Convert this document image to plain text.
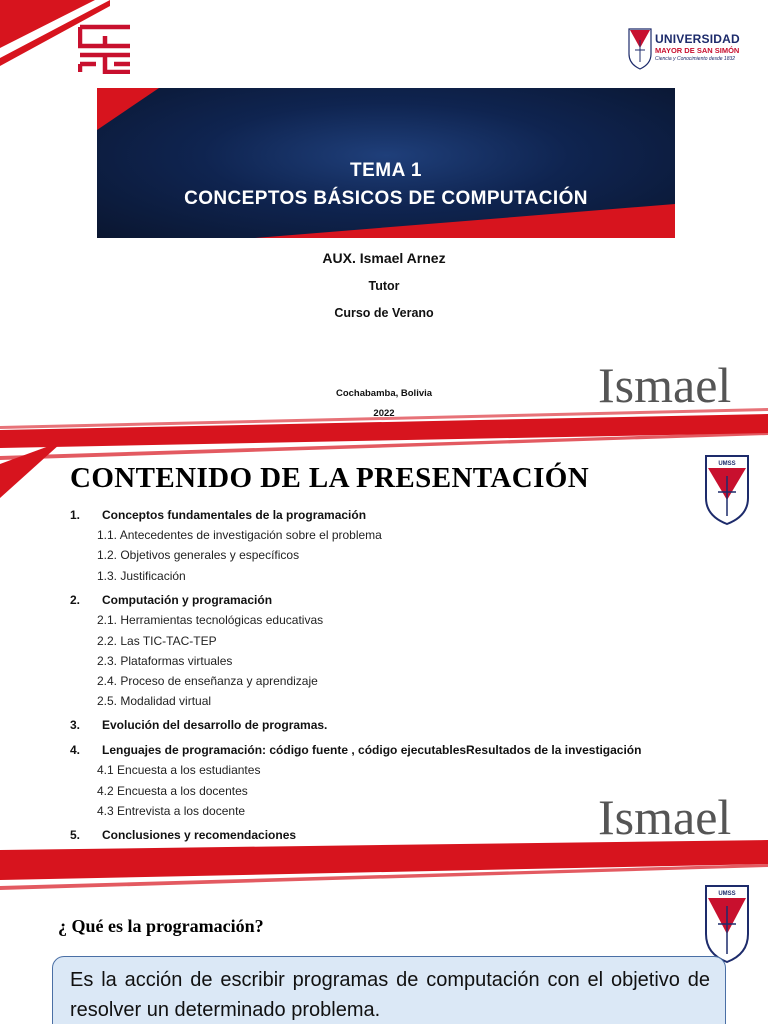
UNIVERSIDAD
MAYOR DE SAN SIMÓN
Ciencia y Conocimiento desde 1832
TEMA 1
CONCEPTOS BÁSICOS DE COMPUTACIÓN
AUX. Ismael Arnez
Tutor
Curso de Verano
Cochabamba, Bolivia
2022
Ismael
CONTENIDO DE LA PRESENTACIÓN	UMSS
1. Conceptos fundamentales de la programación
1.1. Antecedentes de investigación sobre el problema
1.2. Objetivos generales y específicos
1.3. Justificación
2. Computación y programación
2.1. Herramientas tecnológicas educativas
2.2. Las TIC-TAC-TEP
2.3. Plataformas virtuales
2.4. Proceso de enseñanza y aprendizaje
2.5. Modalidad virtual
3. Evolución del desarrollo de programas.
4. Lenguajes de programación: código fuente , código ejecutablesResultados de la investigación
4.1 Encuesta a los estudiantes
4.2 Encuesta a los docentes
4.3 Entrevista a los docente
5. Conclusiones y recomendaciones	Ismael
¿ Qué es la programación?
UMSS
Es la acción de escribir programas de computación con el objetivo de resolver un determinado problema.
